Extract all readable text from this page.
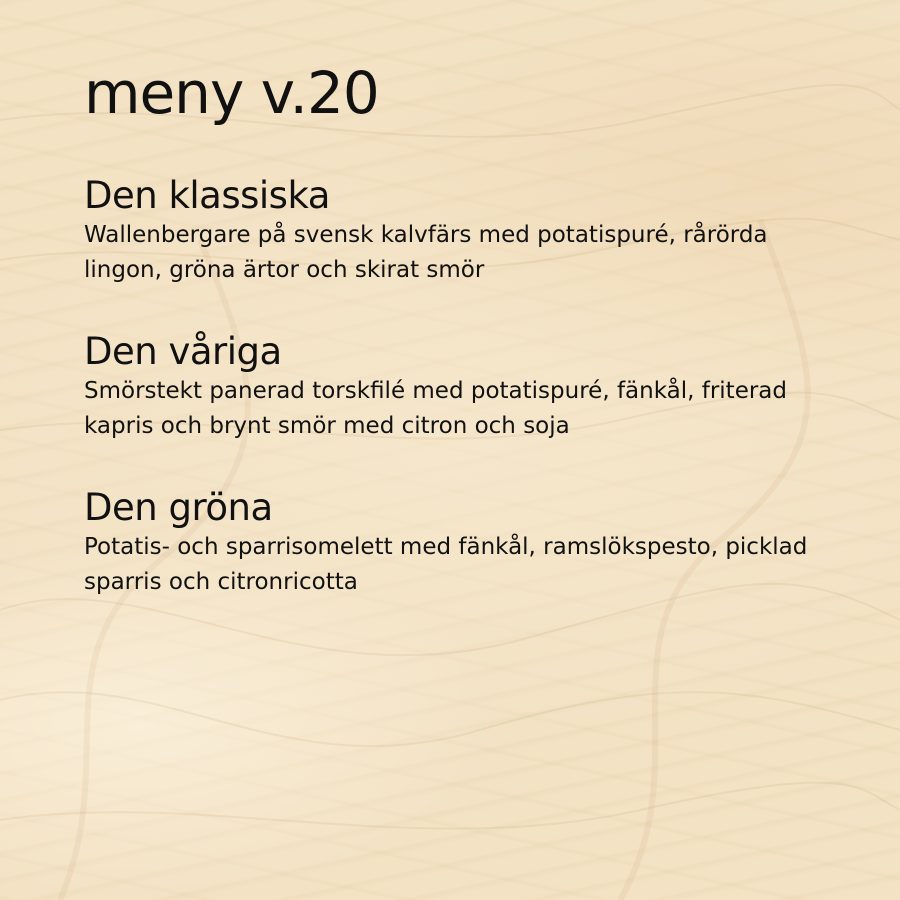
meny v.20
Den klassiska

Wallenbergare på svensk kalvfärs med potatispuré, rårörda lingon, gröna ärtor och skirat smör

Den våriga

Smörstekt panerad torskfilé med potatispuré, fänkål, friterad kapris och brynt smör med citron och soja

Den gröna

Potatis- och sparrisomelett med fänkål, ramslökspesto, picklad sparris och citronricotta
